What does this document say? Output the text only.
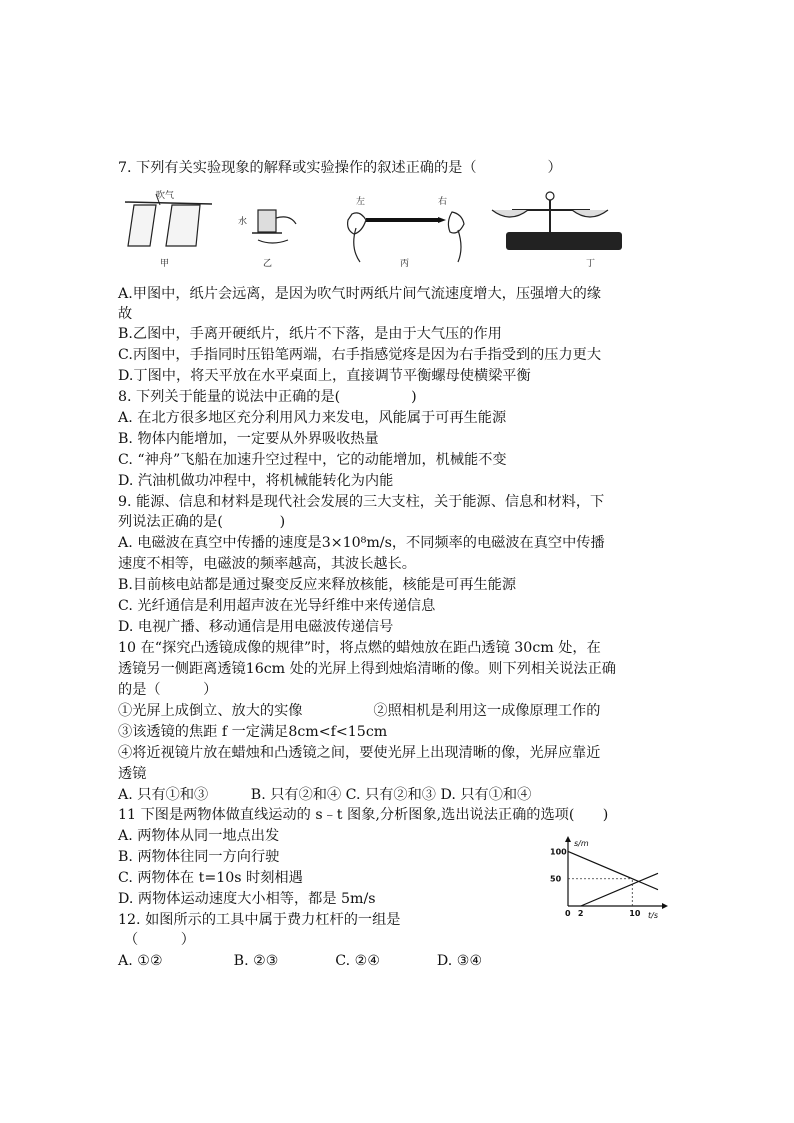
7. 下列有关实验现象的解释或实验操作的叙述正确的是（　　　　　）
吹气
甲
水
乙
左	右
丙	丁
A.甲图中，纸片会远离，是因为吹气时两纸片间气流速度增大，压强增大的缘
故
B.乙图中，手离开硬纸片，纸片不下落，是由于大气压的作用
C.丙图中，手指同时压铅笔两端，右手指感觉疼是因为右手指受到的压力更大
D.丁图中，将天平放在水平桌面上，直接调节平衡螺母使横梁平衡
8. 下列关于能量的说法中正确的是(　　　　　)
A. 在北方很多地区充分利用风力来发电，风能属于可再生能源
B. 物体内能增加，一定要从外界吸收热量
C. “神舟”飞船在加速升空过程中，它的动能增加，机械能不变
D. 汽油机做功冲程中，将机械能转化为内能
9. 能源、信息和材料是现代社会发展的三大支柱，关于能源、信息和材料，下
列说法正确的是(　　　　)
A. 电磁波在真空中传播的速度是3×10⁸m/s，不同频率的电磁波在真空中传播
速度不相等，电磁波的频率越高，其波长越长。
B.目前核电站都是通过聚变反应来释放核能，核能是可再生能源
C. 光纤通信是利用超声波在光导纤维中来传递信息
D. 电视广播、移动通信是用电磁波传递信号
10 在“探究凸透镜成像的规律”时，将点燃的蜡烛放在距凸透镜 30cm 处，在
透镜另一侧距离透镜16cm 处的光屏上得到烛焰清晰的像。则下列相关说法正确
的是（　　　）
①光屏上成倒立、放大的实像　　　　　②照相机是利用这一成像原理工作的
③该透镜的焦距 f 一定满足8cm<f<15cm
④将近视镜片放在蜡烛和凸透镜之间，要使光屏上出现清晰的像，光屏应靠近
透镜
A. 只有①和③　　　B. 只有②和④ C. 只有②和③ D. 只有①和④
11 下图是两物体做直线运动的 s﹣t 图象,分析图象,选出说法正确的选项(　　)
A. 两物体从同一地点出发
B. 两物体往同一方向行驶
C. 两物体在 t=10s 时刻相遇
D. 两物体运动速度大小相等，都是 5m/s
0 2	10
50
100
s/m
t/s
12. 如图所示的工具中属于费力杠杆的一组是
（　　　）
A. ①②　　　　　B. ②③　　　　C. ②④　　　　D. ③④
